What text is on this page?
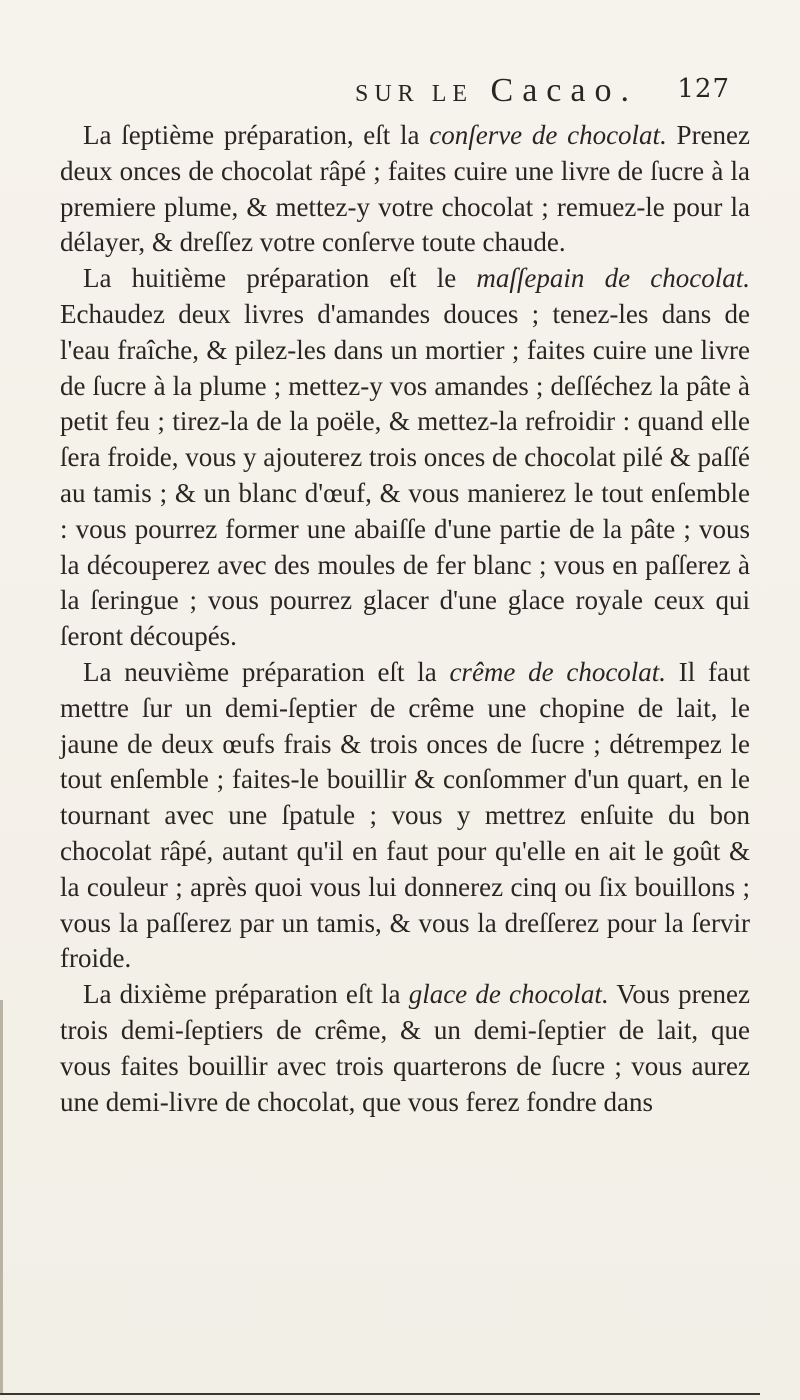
SUR LE Cacao. 127

La ſeptième préparation, eſt la conſerve de chocolat. Prenez deux onces de chocolat râpé ; faites cuire une livre de ſucre à la premiere plume, & mettez-y votre chocolat ; remuez-le pour la délayer, & dreſſez votre conſerve toute chaude.

La huitième préparation eſt le maſſepain de chocolat. Echaudez deux livres d'amandes douces ; tenez-les dans de l'eau fraîche, & pilez-les dans un mortier ; faites cuire une livre de ſucre à la plume ; mettez-y vos amandes ; deſſéchez la pâte à petit feu ; tirez-la de la poële, & mettez-la refroidir : quand elle ſera froide, vous y ajouterez trois onces de chocolat pilé & paſſé au tamis ; & un blanc d'œuf, & vous manierez le tout enſemble : vous pourrez former une abaiſſe d'une partie de la pâte ; vous la découperez avec des moules de fer blanc ; vous en paſſerez à la ſeringue ; vous pourrez glacer d'une glace royale ceux qui ſeront découpés.

La neuvième préparation eſt la crême de chocolat. Il faut mettre ſur un demi-ſeptier de crême une chopine de lait, le jaune de deux œufs frais & trois onces de ſucre ; détrempez le tout enſemble ; faites-le bouillir & conſommer d'un quart, en le tournant avec une ſpatule ; vous y mettrez enſuite du bon chocolat râpé, autant qu'il en faut pour qu'elle en ait le goût & la couleur ; après quoi vous lui donnerez cinq ou ſix bouillons ; vous la paſſerez par un tamis, & vous la dreſſerez pour la ſervir froide.

La dixième préparation eſt la glace de chocolat. Vous prenez trois demi-ſeptiers de crême, & un demi-ſeptier de lait, que vous faites bouillir avec trois quarterons de ſucre ; vous aurez une demi-livre de chocolat, que vous ferez fondre dans
